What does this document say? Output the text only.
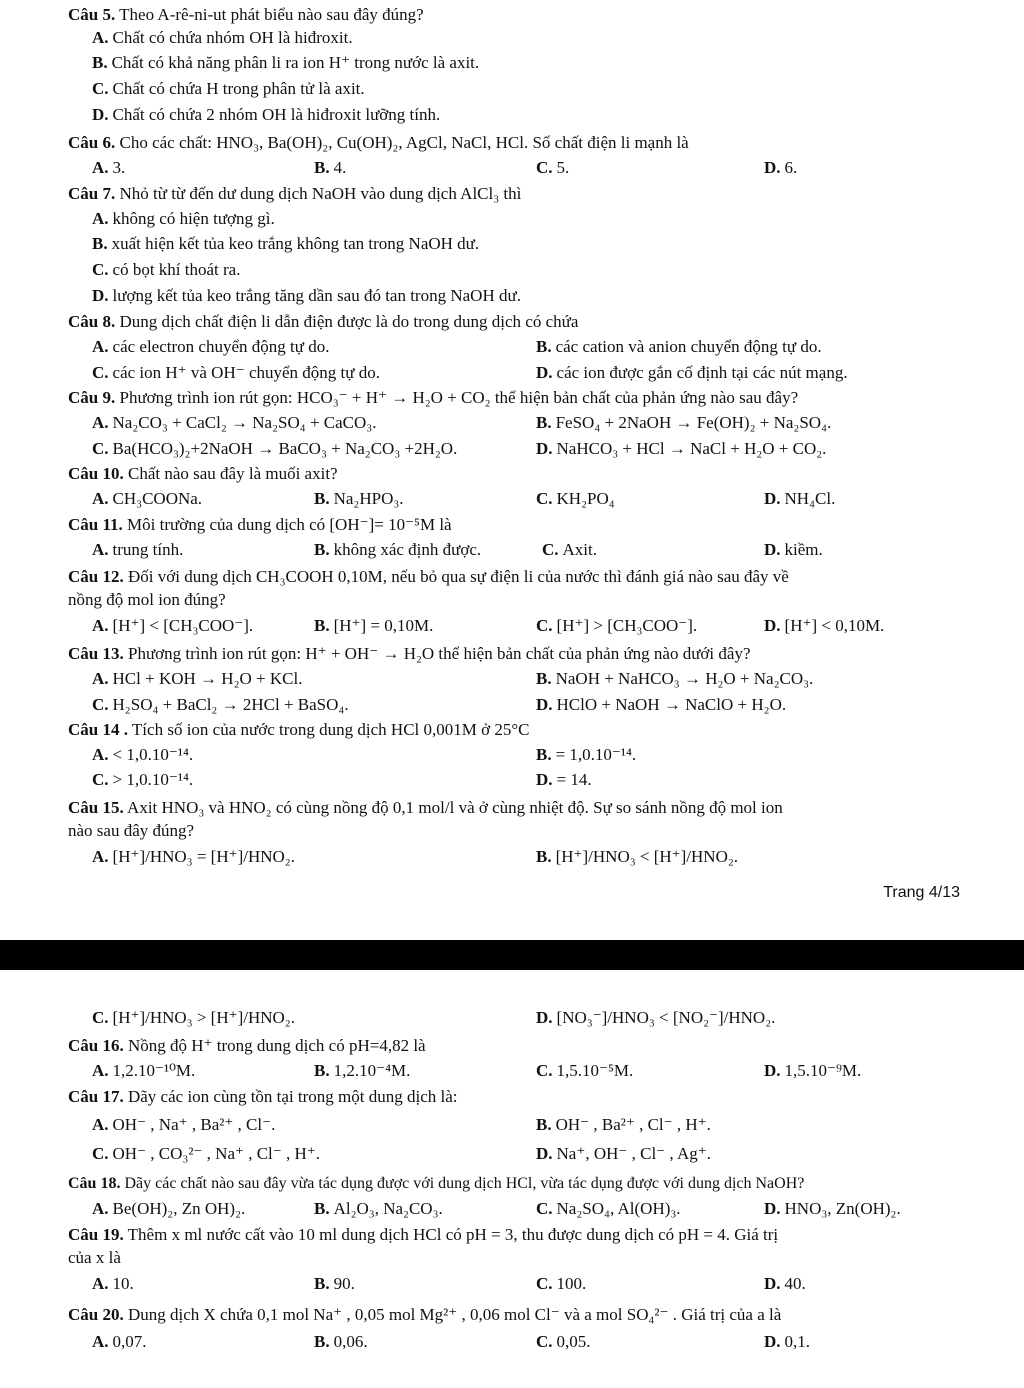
Câu 5. Theo A-rê-ni-ut phát biểu nào sau đây đúng?
A. Chất có chứa nhóm OH là hiđroxit.
B. Chất có khả năng phân li ra ion H⁺ trong nước là axit.
C. Chất có chứa H trong phân tử là axit.
D. Chất có chứa 2 nhóm OH là hiđroxit lưỡng tính.
Câu 6. Cho các chất: HNO₃, Ba(OH)₂, Cu(OH)₂, AgCl, NaCl, HCl. Số chất điện li mạnh là
A. 3.	B. 4.	C. 5.	D. 6.
Câu 7. Nhỏ từ từ đến dư dung dịch NaOH vào dung dịch AlCl₃ thì
A. không có hiện tượng gì.
B. xuất hiện kết tủa keo trắng không tan trong NaOH dư.
C. có bọt khí thoát ra.
D. lượng kết tủa keo trắng tăng dần sau đó tan trong NaOH dư.
Câu 8. Dung dịch chất điện li dẫn điện được là do trong dung dịch có chứa
A. các electron chuyển động tự do.	B. các cation và anion chuyển động tự do.
C. các ion H⁺ và OH⁻ chuyển động tự do.	D. các ion được gắn cố định tại các nút mạng.
Câu 9. Phương trình ion rút gọn: HCO₃⁻ + H⁺ → H₂O + CO₂ thể hiện bản chất của phản ứng nào sau đây?
A. Na₂CO₃ + CaCl₂ → Na₂SO₄ + CaCO₃.	B. FeSO₄ + 2NaOH → Fe(OH)₂ + Na₂SO₄.
C. Ba(HCO₃)₂+2NaOH → BaCO₃ + Na₂CO₃ +2H₂O.	D. NaHCO₃ + HCl → NaCl + H₂O + CO₂.
Câu 10. Chất nào sau đây là muối axit?
A. CH₃COONa.	B. Na₂HPO₃.	C. KH₂PO₄	D. NH₄Cl.
Câu 11. Môi trường của dung dịch có [OH⁻]= 10⁻⁵M là
A. trung tính.	B. không xác định được.	C. Axit.	D. kiềm.
Câu 12. Đối với dung dịch CH₃COOH 0,10M, nếu bỏ qua sự điện li của nước thì đánh giá nào sau đây về
nồng độ mol ion đúng?
A. [H⁺] < [CH₃COO⁻].	B. [H⁺] = 0,10M.	C. [H⁺] > [CH₃COO⁻].	D. [H⁺] < 0,10M.
Câu 13. Phương trình ion rút gọn: H⁺ + OH⁻ → H₂O thể hiện bản chất của phản ứng nào dưới đây?
A. HCl + KOH → H₂O + KCl.	B. NaOH + NaHCO₃ → H₂O + Na₂CO₃.
C. H₂SO₄ + BaCl₂ → 2HCl + BaSO₄.	D. HClO + NaOH → NaClO + H₂O.
Câu 14 . Tích số ion của nước trong dung dịch HCl 0,001M ở 25°C
A. < 1,0.10⁻¹⁴.	B. = 1,0.10⁻¹⁴.
C. > 1,0.10⁻¹⁴.	D. = 14.
Câu 15. Axit HNO₃ và HNO₂ có cùng nồng độ 0,1 mol/l và ở cùng nhiệt độ. Sự so sánh nồng độ mol ion
nào sau đây đúng?
A. [H⁺]/HNO₃ = [H⁺]/HNO₂.	B. [H⁺]/HNO₃ < [H⁺]/HNO₂.
Trang 4/13
C. [H⁺]/HNO₃ > [H⁺]/HNO₂.	D. [NO₃⁻]/HNO₃ < [NO₂⁻]/HNO₂.
Câu 16. Nồng độ H⁺ trong dung dịch có pH=4,82 là
A. 1,2.10⁻¹⁰M.	B. 1,2.10⁻⁴M.	C. 1,5.10⁻⁵M.	D. 1,5.10⁻⁹M.
Câu 17. Dãy các ion cùng tồn tại trong một dung dịch là:
A. OH⁻ , Na⁺ , Ba²⁺ , Cl⁻.	B. OH⁻ , Ba²⁺ , Cl⁻ , H⁺.
C. OH⁻ , CO₃²⁻ , Na⁺ , Cl⁻ , H⁺.	D. Na⁺, OH⁻ , Cl⁻ , Ag⁺.
Câu 18. Dãy các chất nào sau đây vừa tác dụng được với dung dịch HCl, vừa tác dụng được với dung dịch NaOH?
A. Be(OH)₂, Zn OH)₂.	B. Al₂O₃, Na₂CO₃.	C. Na₂SO₄, Al(OH)₃.	D. HNO₃, Zn(OH)₂.
Câu 19. Thêm x ml nước cất vào 10 ml dung dịch HCl có pH = 3, thu được dung dịch có pH = 4. Giá trị
của x là
A. 10.	B. 90.	C. 100.	D. 40.
Câu 20. Dung dịch X chứa 0,1 mol Na⁺ , 0,05 mol Mg²⁺ , 0,06 mol Cl⁻ và a mol SO₄²⁻ . Giá trị của a là
A. 0,07.	B. 0,06.	C. 0,05.	D. 0,1.
